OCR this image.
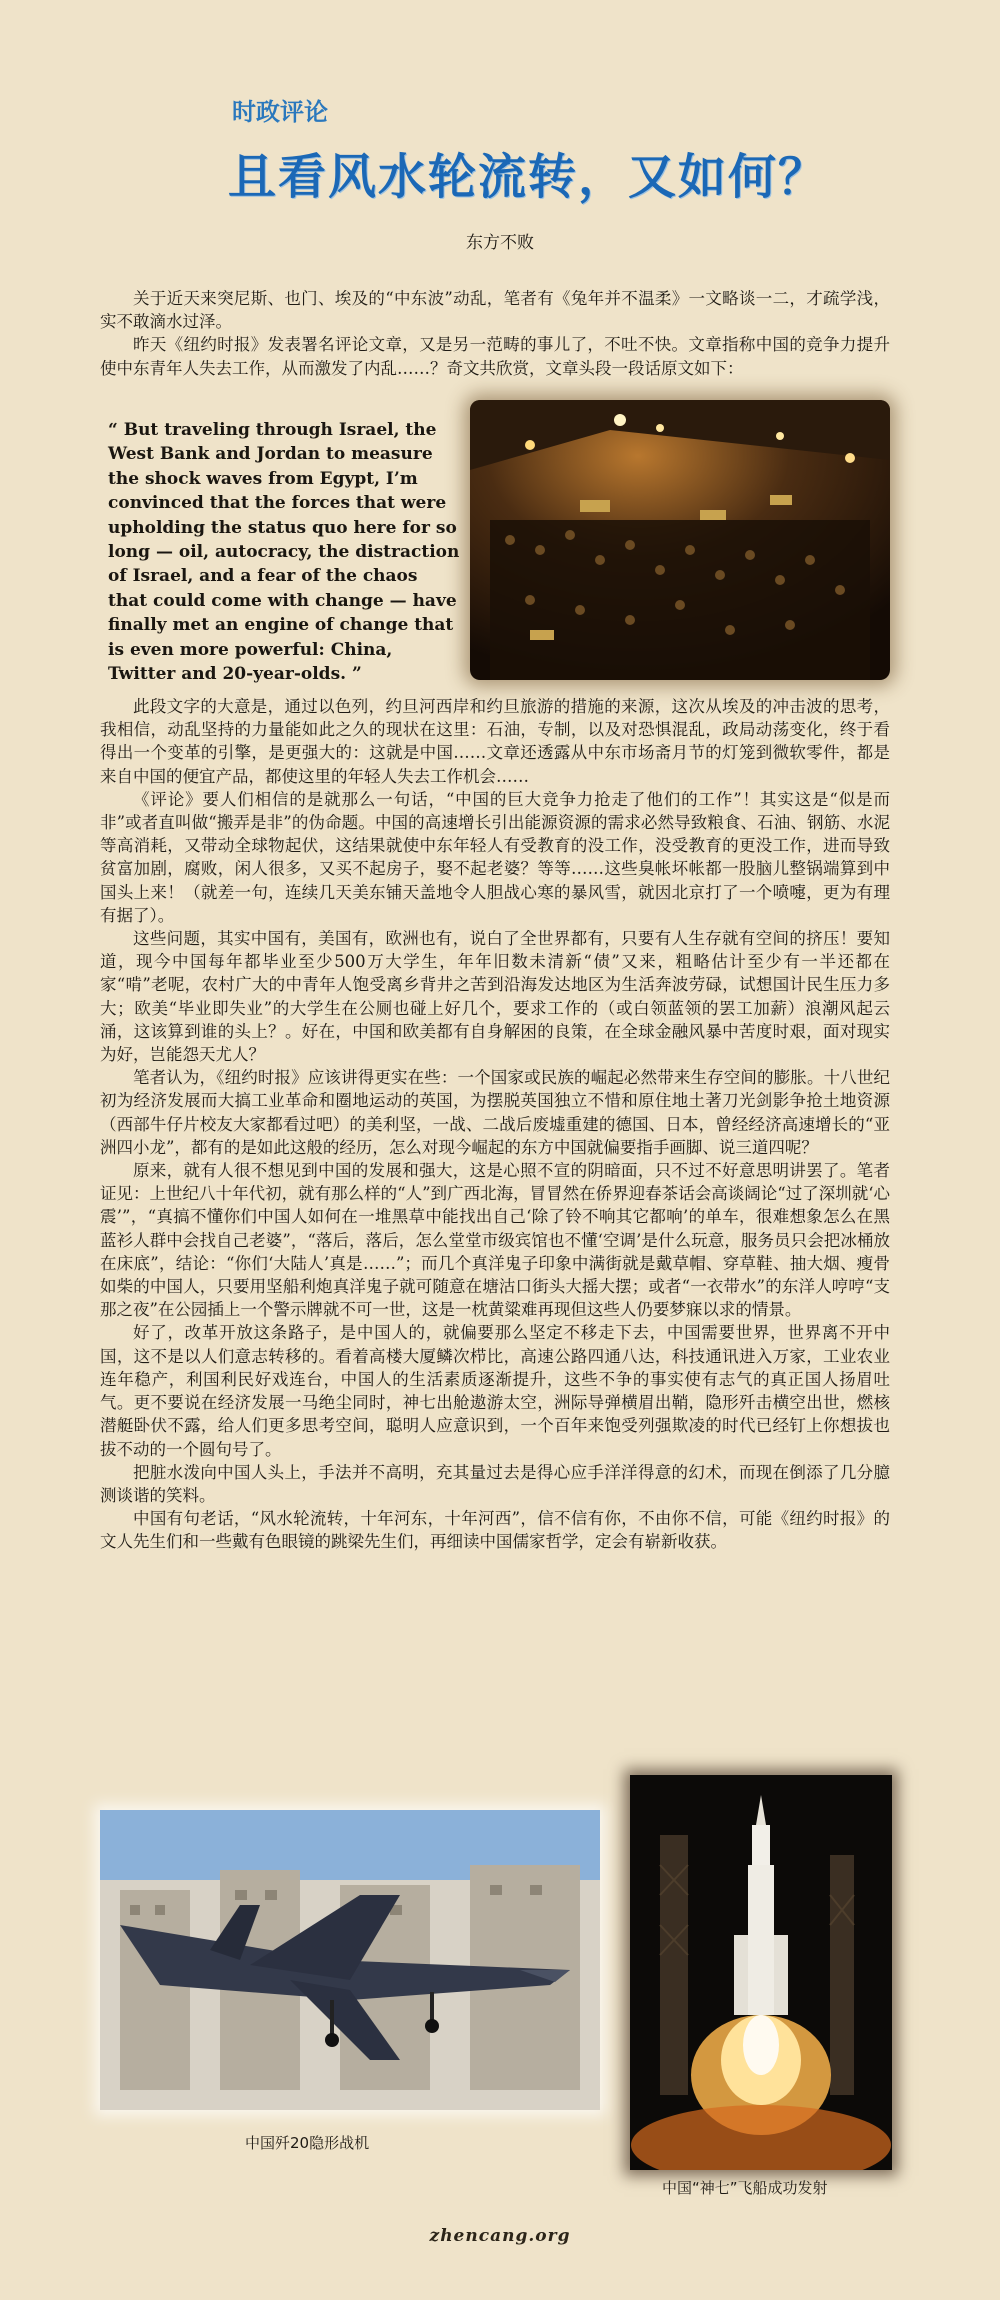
时政评论
且看风水轮流转，又如何？
东方不败

关于近天来突尼斯、也门、埃及的“中东波”动乱，笔者有《兔年并不温柔》一文略谈一二，才疏学浅，实不敢滴水过泽。

昨天《纽约时报》发表署名评论文章，又是另一范畴的事儿了，不吐不快。文章指称中国的竞争力提升使中东青年人失去工作，从而激发了内乱……？奇文共欣赏，文章头段一段话原文如下：

“ But traveling through Israel, the West Bank and Jordan to measure the shock waves from Egypt, I’m convinced that the forces that were upholding the status quo here for so long — oil, autocracy, the distraction of Israel, and a fear of the chaos that could come with change — have finally met an engine of change that is even more powerful: China, Twitter and 20-year-olds. ”

此段文字的大意是，通过以色列，约旦河西岸和约旦旅游的措施的来源，这次从埃及的冲击波的思考，我相信，动乱坚持的力量能如此之久的现状在这里：石油，专制，以及对恐惧混乱，政局动荡变化，终于看得出一个变革的引擎，是更强大的：这就是中国……文章还透露从中东市场斋月节的灯笼到微软零件，都是来自中国的便宜产品，都使这里的年轻人失去工作机会……

《评论》要人们相信的是就那么一句话，“中国的巨大竞争力抢走了他们的工作”！其实这是“似是而非”或者直叫做“搬弄是非”的伪命题。中国的高速增长引出能源资源的需求必然导致粮食、石油、钢筋、水泥等高消耗，又带动全球物起伏，这结果就使中东年轻人有受教育的没工作，没受教育的更没工作，进而导致贫富加剧，腐败，闲人很多，又买不起房子，娶不起老婆？等等……这些臭帐坏帐都一股脑儿整锅端算到中国头上来！（就差一句，连续几天美东铺天盖地令人胆战心寒的暴风雪，就因北京打了一个喷嚏，更为有理有据了）。

这些问题，其实中国有，美国有，欧洲也有，说白了全世界都有，只要有人生存就有空间的挤压！要知道，现今中国每年都毕业至少500万大学生，年年旧数未清新“债”又来，粗略估计至少有一半还都在家“啃”老呢，农村广大的中青年人饱受离乡背井之苦到沿海发达地区为生活奔波劳碌，试想国计民生压力多大；欧美“毕业即失业”的大学生在公厕也碰上好几个，要求工作的（或白领蓝领的罢工加薪）浪潮风起云涌，这该算到谁的头上？。好在，中国和欧美都有自身解困的良策，在全球金融风暴中苦度时艰，面对现实为好，岂能怨天尤人？

笔者认为，《纽约时报》应该讲得更实在些：一个国家或民族的崛起必然带来生存空间的膨胀。十八世纪初为经济发展而大搞工业革命和圈地运动的英国，为摆脱英国独立不惜和原住地土著刀光剑影争抢土地资源（西部牛仔片校友大家都看过吧）的美利坚，一战、二战后废墟重建的德国、日本，曾经经济高速增长的“亚洲四小龙”，都有的是如此这般的经历，怎么对现今崛起的东方中国就偏要指手画脚、说三道四呢？

原来，就有人很不想见到中国的发展和强大，这是心照不宣的阴暗面，只不过不好意思明讲罢了。笔者证见：上世纪八十年代初，就有那么样的“人”到广西北海，冒冒然在侨界迎春茶话会高谈阔论“过了深圳就‘心震’”，“真搞不懂你们中国人如何在一堆黑草中能找出自己‘除了铃不响其它都响’的单车，很难想象怎么在黑蓝衫人群中会找自己老婆”，“落后，落后，怎么堂堂市级宾馆也不懂‘空调’是什么玩意，服务员只会把冰桶放在床底”，结论：“你们‘大陆人’真是……”；而几个真洋鬼子印象中满街就是戴草帽、穿草鞋、抽大烟、瘦骨如柴的中国人，只要用坚船利炮真洋鬼子就可随意在塘沽口街头大摇大摆；或者“一衣带水”的东洋人哼哼“支那之夜”在公园插上一个警示牌就不可一世，这是一枕黄粱难再现但这些人仍要梦寐以求的情景。

好了，改革开放这条路子，是中国人的，就偏要那么坚定不移走下去，中国需要世界，世界离不开中国，这不是以人们意志转移的。看着高楼大厦鳞次栉比，高速公路四通八达，科技通讯进入万家，工业农业连年稳产，利国利民好戏连台，中国人的生活素质逐渐提升，这些不争的事实使有志气的真正国人扬眉吐气。更不要说在经济发展一马绝尘同时，神七出舱遨游太空，洲际导弹横眉出鞘，隐形歼击横空出世，燃核潜艇卧伏不露，给人们更多思考空间，聪明人应意识到，一个百年来饱受列强欺凌的时代已经钉上你想拔也拔不动的一个圆句号了。

把脏水泼向中国人头上，手法并不高明，充其量过去是得心应手洋洋得意的幻术，而现在倒添了几分臆测谈谐的笑料。

中国有句老话，“风水轮流转，十年河东，十年河西”，信不信有你，不由你不信，可能《纽约时报》的文人先生们和一些戴有色眼镜的跳梁先生们，再细读中国儒家哲学，定会有崭新收获。

中国歼20隐形战机
中国“神七”飞船成功发射
zhencang.org
